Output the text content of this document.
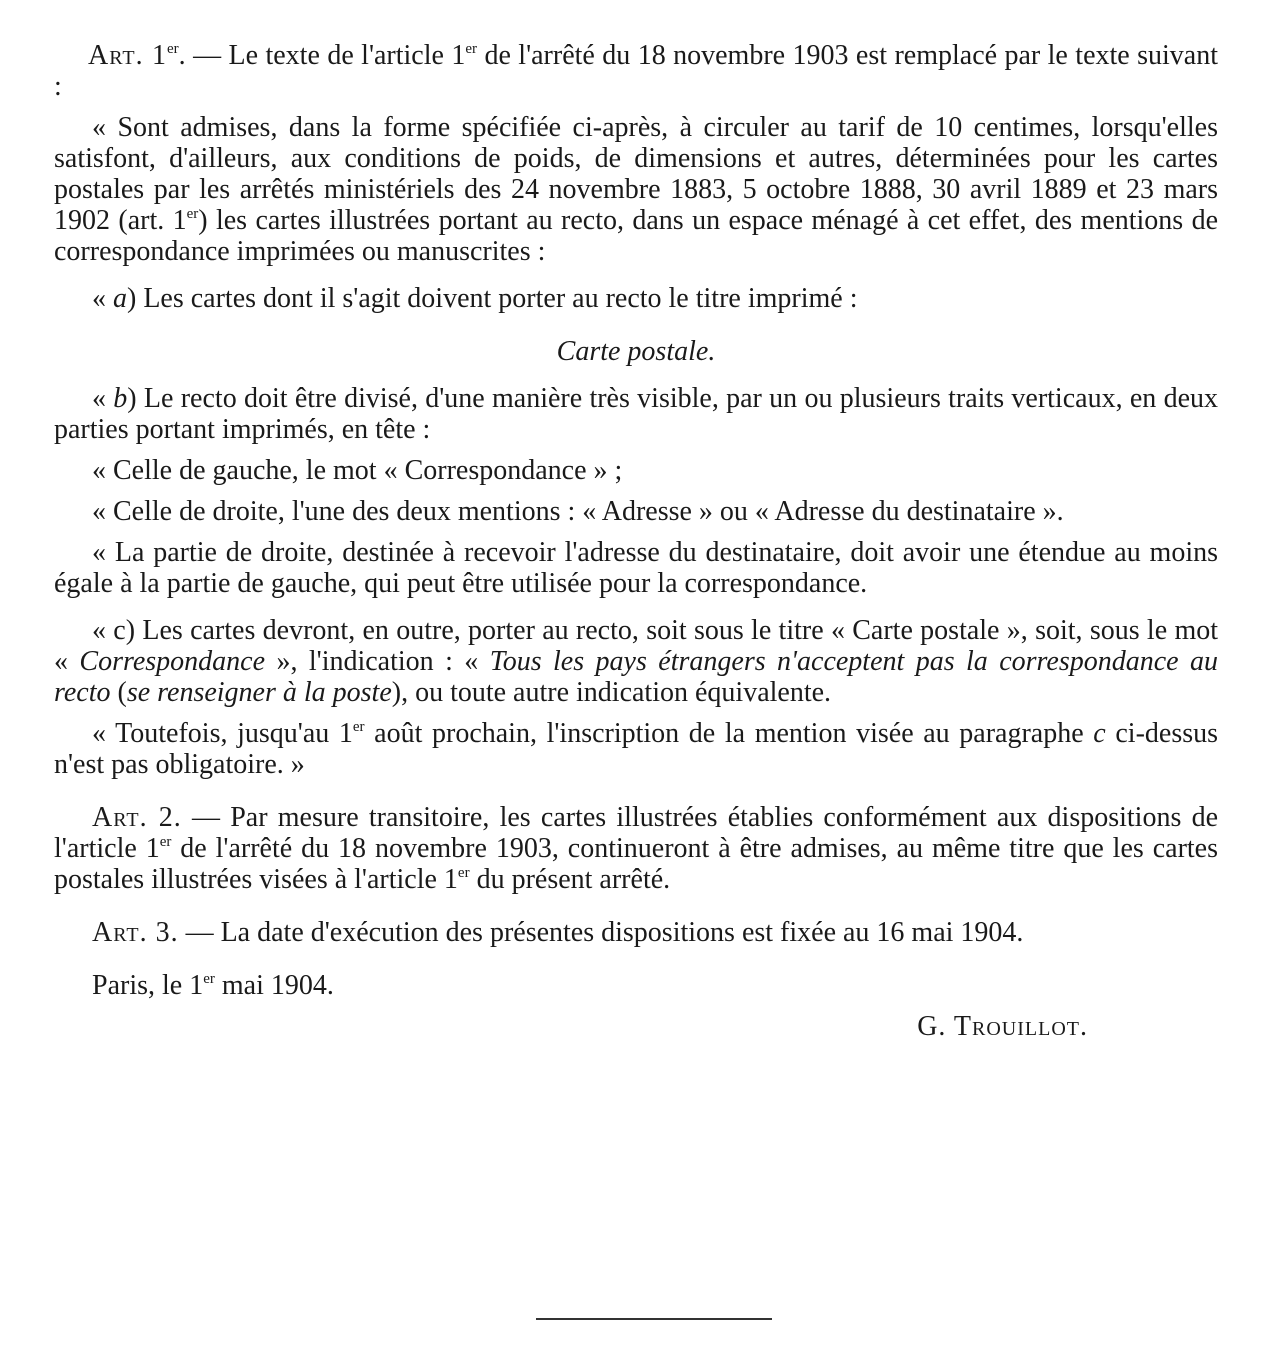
Art. 1er. — Le texte de l'article 1er de l'arrêté du 18 novembre 1903 est remplacé par le texte suivant :

« Sont admises, dans la forme spécifiée ci-après, à circuler au tarif de 10 centimes, lorsqu'elles satisfont, d'ailleurs, aux conditions de poids, de dimensions et autres, déterminées pour les cartes postales par les arrêtés ministériels des 24 novembre 1883, 5 octobre 1888, 30 avril 1889 et 23 mars 1902 (art. 1er) les cartes illustrées portant au recto, dans un espace ménagé à cet effet, des mentions de correspondance imprimées ou manuscrites :

« a) Les cartes dont il s'agit doivent porter au recto le titre imprimé :

Carte postale.

« b) Le recto doit être divisé, d'une manière très visible, par un ou plusieurs traits verticaux, en deux parties portant imprimés, en tête :

« Celle de gauche, le mot « Correspondance » ;

« Celle de droite, l'une des deux mentions : « Adresse » ou « Adresse du destinataire ».

« La partie de droite, destinée à recevoir l'adresse du destinataire, doit avoir une étendue au moins égale à la partie de gauche, qui peut être utilisée pour la correspondance.

« c) Les cartes devront, en outre, porter au recto, soit sous le titre « Carte postale », soit, sous le mot « Correspondance », l'indication : « Tous les pays étrangers n'acceptent pas la correspondance au recto (se renseigner à la poste), ou toute autre indication équivalente.

« Toutefois, jusqu'au 1er août prochain, l'inscription de la mention visée au paragraphe c ci-dessus n'est pas obligatoire. »

Art. 2. — Par mesure transitoire, les cartes illustrées établies conformément aux dispositions de l'article 1er de l'arrêté du 18 novembre 1903, continueront à être admises, au même titre que les cartes postales illustrées visées à l'article 1er du présent arrêté.

Art. 3. — La date d'exécution des présentes dispositions est fixée au 16 mai 1904.

Paris, le 1er mai 1904.

G. Trouillot.
